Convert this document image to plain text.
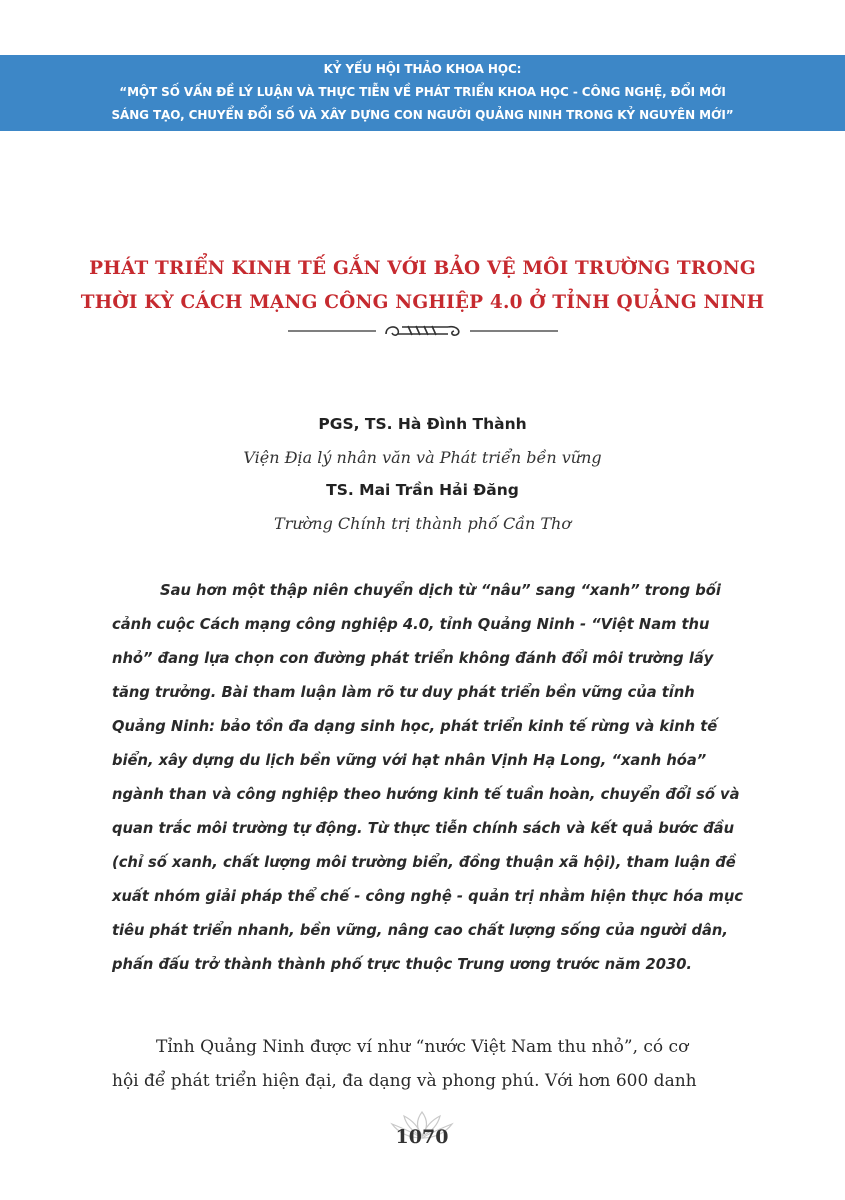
KỶ YẾU HỘI THẢO KHOA HỌC:
“MỘT SỐ VẤN ĐỀ LÝ LUẬN VÀ THỰC TIỄN VỀ PHÁT TRIỂN KHOA HỌC - CÔNG NGHỆ, ĐỔI MỚI
SÁNG TẠO, CHUYỂN ĐỔI SỐ VÀ XÂY DỰNG CON NGƯỜI QUẢNG NINH TRONG KỶ NGUYÊN MỚI”
PHÁT TRIỂN KINH TẾ GẮN VỚI BẢO VỆ MÔI TRƯỜNG TRONG
THỜI KỲ CÁCH MẠNG CÔNG NGHIỆP 4.0 Ở TỈNH QUẢNG NINH
PGS, TS. Hà Đình Thành
Viện Địa lý nhân văn và Phát triển bền vững
TS. Mai Trần Hải Đăng
Trường Chính trị thành phố Cần Thơ
Sau hơn một thập niên chuyển dịch từ “nâu” sang “xanh” trong bối
cảnh cuộc Cách mạng công nghiệp 4.0, tỉnh Quảng Ninh - “Việt Nam thu
nhỏ” đang lựa chọn con đường phát triển không đánh đổi môi trường lấy
tăng trưởng. Bài tham luận làm rõ tư duy phát triển bền vững của tỉnh
Quảng Ninh: bảo tồn đa dạng sinh học, phát triển kinh tế rừng và kinh tế
biển, xây dựng du lịch bền vững với hạt nhân Vịnh Hạ Long, “xanh hóa”
ngành than và công nghiệp theo hướng kinh tế tuần hoàn, chuyển đổi số và
quan trắc môi trường tự động. Từ thực tiễn chính sách và kết quả bước đầu
(chỉ số xanh, chất lượng môi trường biển, đồng thuận xã hội), tham luận đề
xuất nhóm giải pháp thể chế - công nghệ - quản trị nhằm hiện thực hóa mục
tiêu phát triển nhanh, bền vững, nâng cao chất lượng sống của người dân,
phấn đấu trở thành thành phố trực thuộc Trung ương trước năm 2030.
Tỉnh Quảng Ninh được ví như “nước Việt Nam thu nhỏ”, có cơ
hội để phát triển hiện đại, đa dạng và phong phú. Với hơn 600 danh
1070
